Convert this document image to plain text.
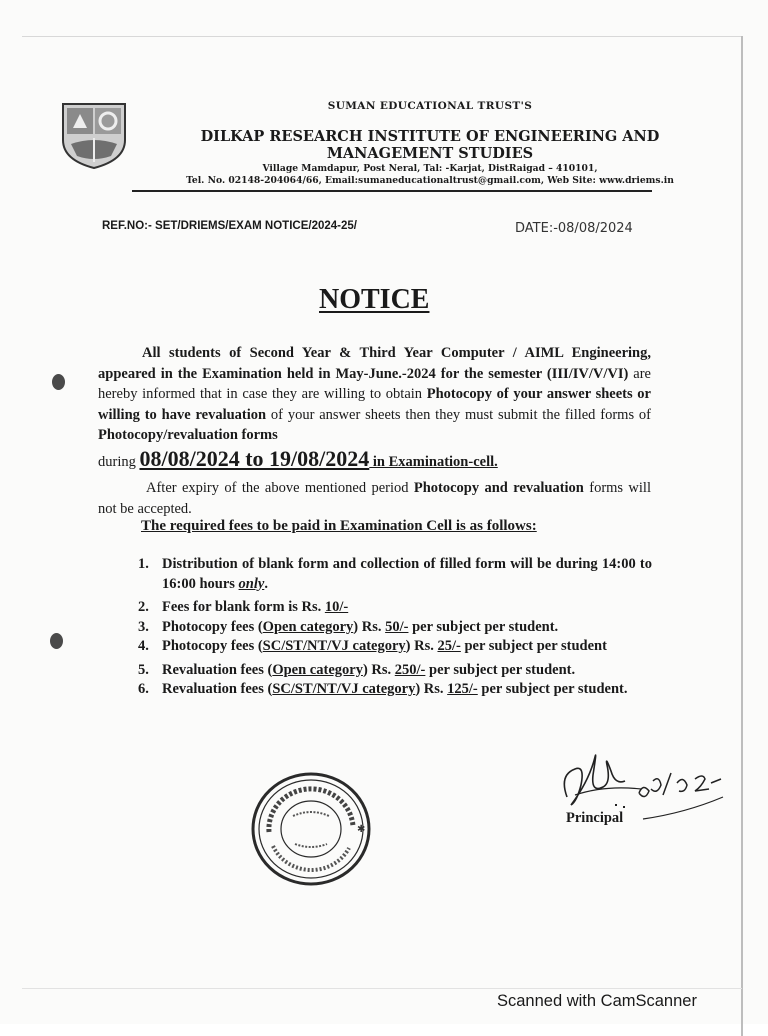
SUMAN EDUCATIONAL TRUST'S
DILKAP RESEARCH INSTITUTE OF ENGINEERING AND
MANAGEMENT STUDIES
Village Mamdapur, Post Neral, Tal: -Karjat, DistRaigad – 410101,
Tel. No. 02148-204064/66, Email:sumaneducationaltrust@gmail.com, Web Site: www.driems.in
REF.NO:- SET/DRIEMS/EXAM NOTICE/2024-25/	DATE:-08/08/2024
NOTICE
All students of Second Year & Third Year Computer / AIML Engineering, appeared in the Examination held in May-June.-2024 for the semester (III/IV/V/VI) are hereby informed that in case they are willing to obtain Photocopy of your answer sheets or willing to have revaluation of your answer sheets then they must submit the filled forms of Photocopy/revaluation forms
during 08/08/2024 to 19/08/2024 in Examination-cell.
After expiry of the above mentioned period Photocopy and revaluation forms will not be accepted.
The required fees to be paid in Examination Cell is as follows:
1. Distribution of blank form and collection of filled form will be during 14:00 to 16:00 hours only.
2. Fees for blank form is Rs. 10/-
3. Photocopy fees (Open category) Rs. 50/- per subject per student.
4. Photocopy fees (SC/ST/NT/VJ category) Rs. 25/- per subject per student
5. Revaluation fees (Open category) Rs. 250/- per subject per student.
6. Revaluation fees (SC/ST/NT/VJ category) Rs. 125/- per subject per student.
✱
Principal
Scanned with CamScanner
